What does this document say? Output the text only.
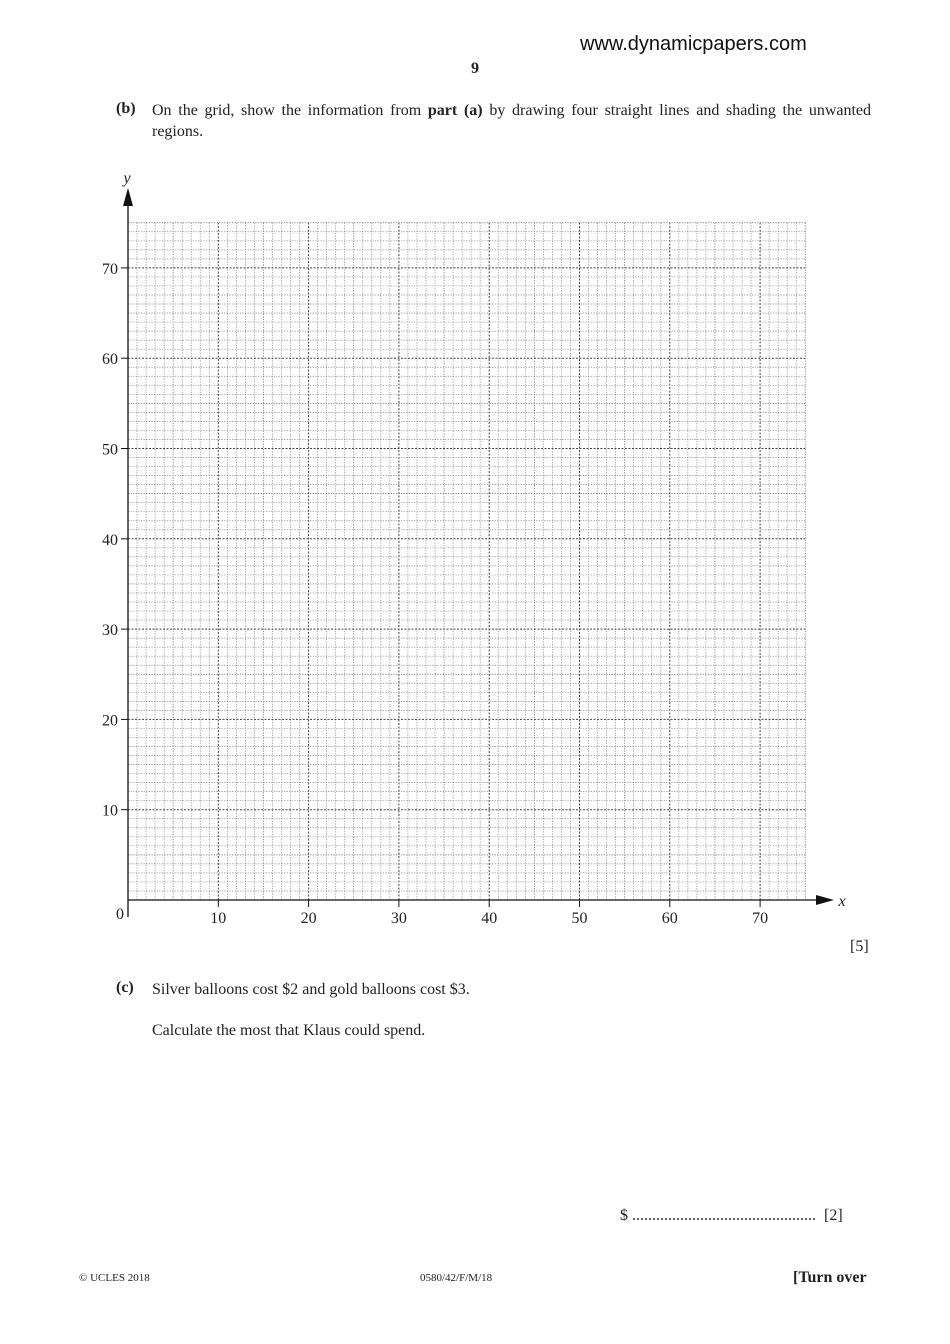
www.dynamicpapers.com
9
(b) On the grid, show the information from part (a) by drawing four straight lines and shading the unwanted regions.
10	20	30	40	50	60	70
10
20
30
40
50
60
70
0
x
y
[5]
(c) Silver balloons cost $2 and gold balloons cost $3.
Calculate the most that Klaus could spend.
$ .............................................. [2]
© UCLES 2018	0580/42/F/M/18	[Turn over
